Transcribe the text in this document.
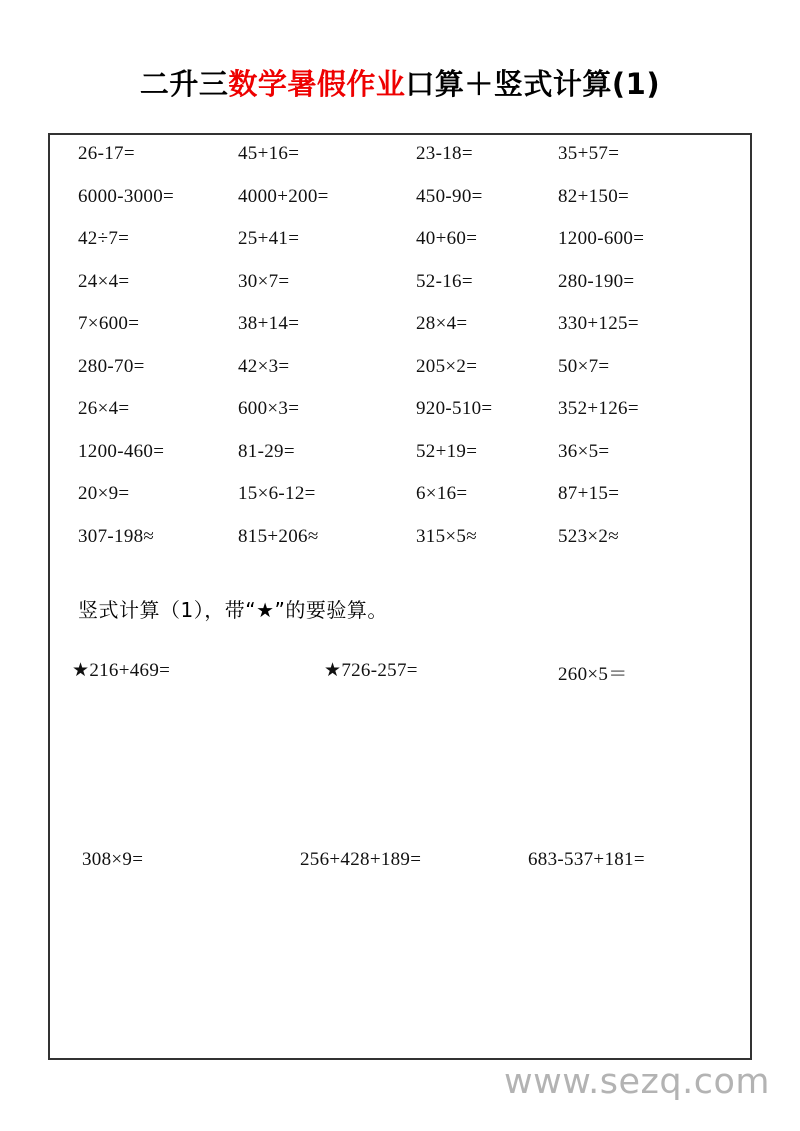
二升三数学暑假作业口算＋竖式计算(1)
26-17=	45+16=	23-18=	35+57=
6000-3000=	4000+200=	450-90=	82+150=
42÷7=	25+41=	40+60=	1200-600=
24×4=	30×7=	52-16=	280-190=
7×600=	38+14=	28×4=	330+125=
280-70=	42×3=	205×2=	50×7=
26×4=	600×3=	920-510=	352+126=
1200-460=	81-29=	52+19=	36×5=
20×9=	15×6-12=	6×16=	87+15=
307-198≈	815+206≈	315×5≈	523×2≈
竖式计算（1），带“★”的要验算。
★216+469=	★726-257=	260×5＝
308×9=	256+428+189=	683-537+181=
www.sezq.com
